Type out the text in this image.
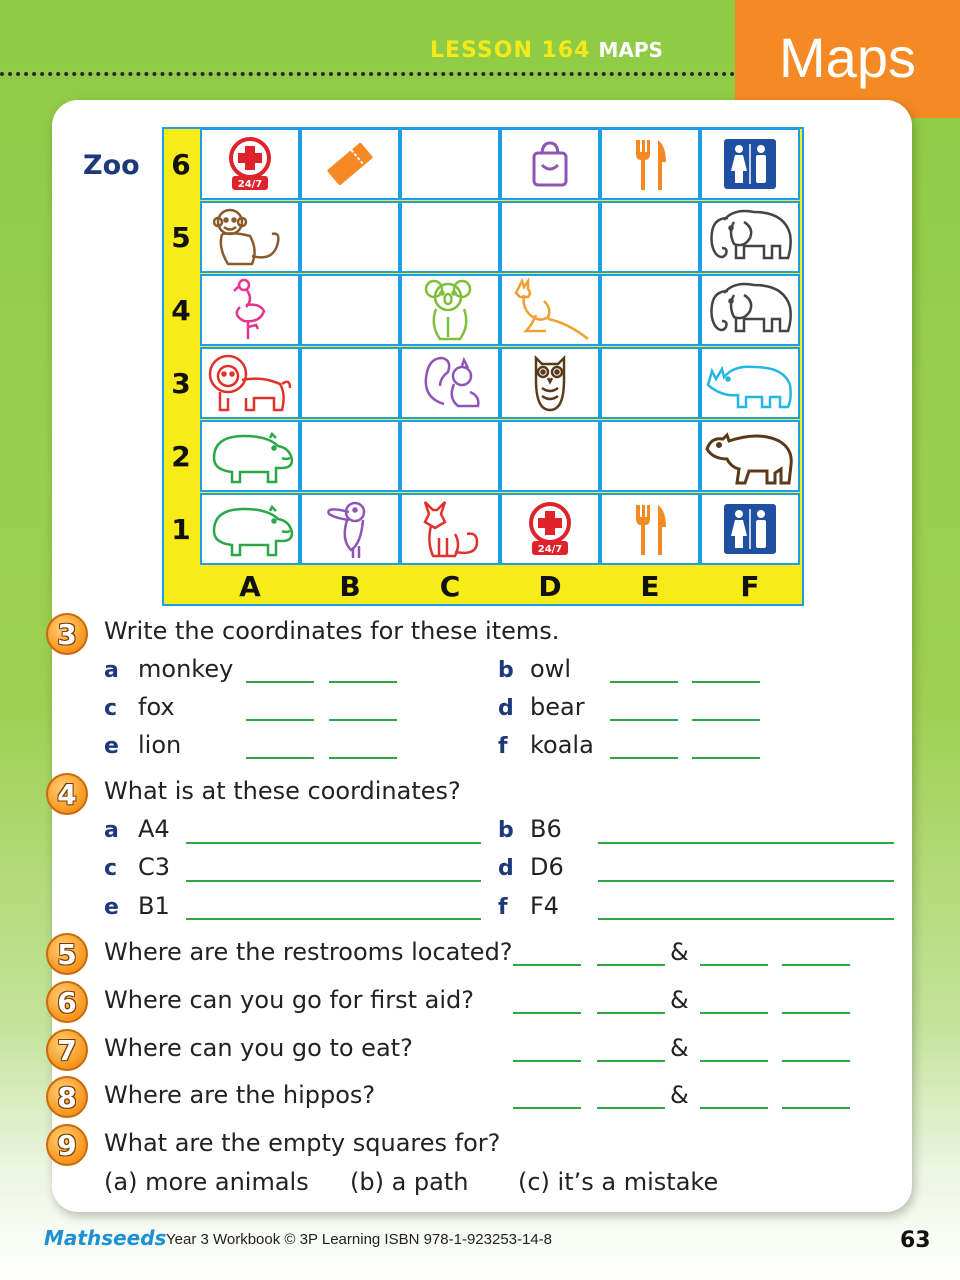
LESSON 164 MAPS	Maps
Zoo 6
5
4
3
2
1
A	B	C	D	E	F
24/7
24/7
3	Write the coordinates for these items.
a monkey	b owl
c fox	d bear
e lion	f koala
4	What is at these coordinates?
a A4	b B6
c C3	d D6
e B1	f F4
5	Where are the restrooms located?	&
6	Where can you go for first aid?	&
7	Where can you go to eat?	&
8	Where are the hippos?	&
9	What are the empty squares for?
(a) more animals (b) a path (c) it’s a mistake
Mathseeds Year 3 Workbook © 3P Learning ISBN 978-1-923253-14-8	63
